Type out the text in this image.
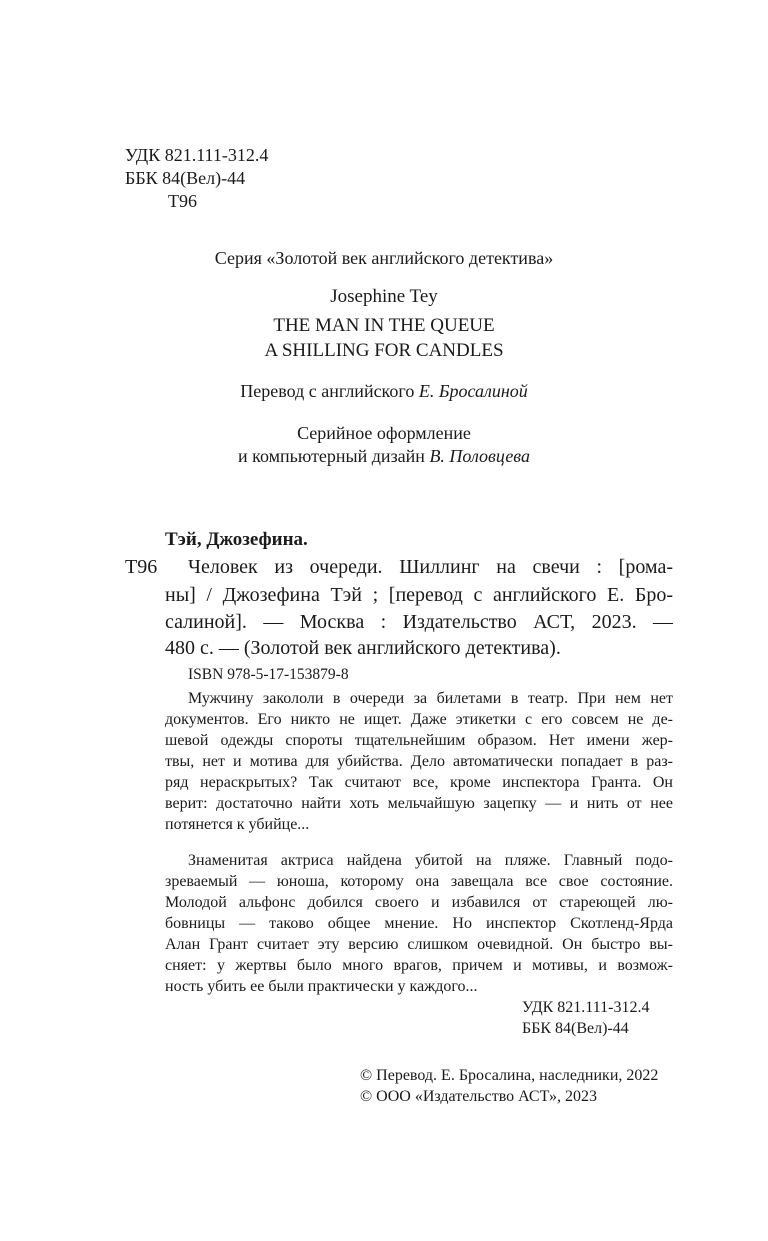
УДК 821.111-312.4
ББК 84(Вел)-44
Т96
Серия «Золотой век английского детектива»
Josephine Tey
THE MAN IN THE QUEUE
A SHILLING FOR CANDLES
Перевод с английского Е. Бросалиной
Серийное оформление
и компьютерный дизайн В. Половцева
Тэй, Джозефина.
Т96 Человек из очереди. Шиллинг на свечи : [рома-
ны] / Джозефина Тэй ; [перевод с английского Е. Бро-
салиной]. — Москва : Издательство АСТ, 2023. —
480 с. — (Золотой век английского детектива).
ISBN 978-5-17-153879-8
Мужчину закололи в очереди за билетами в театр. При нем нет
документов. Его никто не ищет. Даже этикетки с его совсем не де-
шевой одежды спороты тщательнейшим образом. Нет имени жер-
твы, нет и мотива для убийства. Дело автоматически попадает в раз-
ряд нераскрытых? Так считают все, кроме инспектора Гранта. Он
верит: достаточно найти хоть мельчайшую зацепку — и нить от нее
потянется к убийце...
Знаменитая актриса найдена убитой на пляже. Главный подо-
зреваемый — юноша, которому она завещала все свое состояние.
Молодой альфонс добился своего и избавился от стареющей лю-
бовницы — таково общее мнение. Но инспектор Скотленд-Ярда
Алан Грант считает эту версию слишком очевидной. Он быстро вы-
сняет: у жертвы было много врагов, причем и мотивы, и возмож-
ность убить ее были практически у каждого...
УДК 821.111-312.4
ББК 84(Вел)-44
© Перевод. Е. Бросалина, наследники, 2022
© ООО «Издательство АСТ», 2023
